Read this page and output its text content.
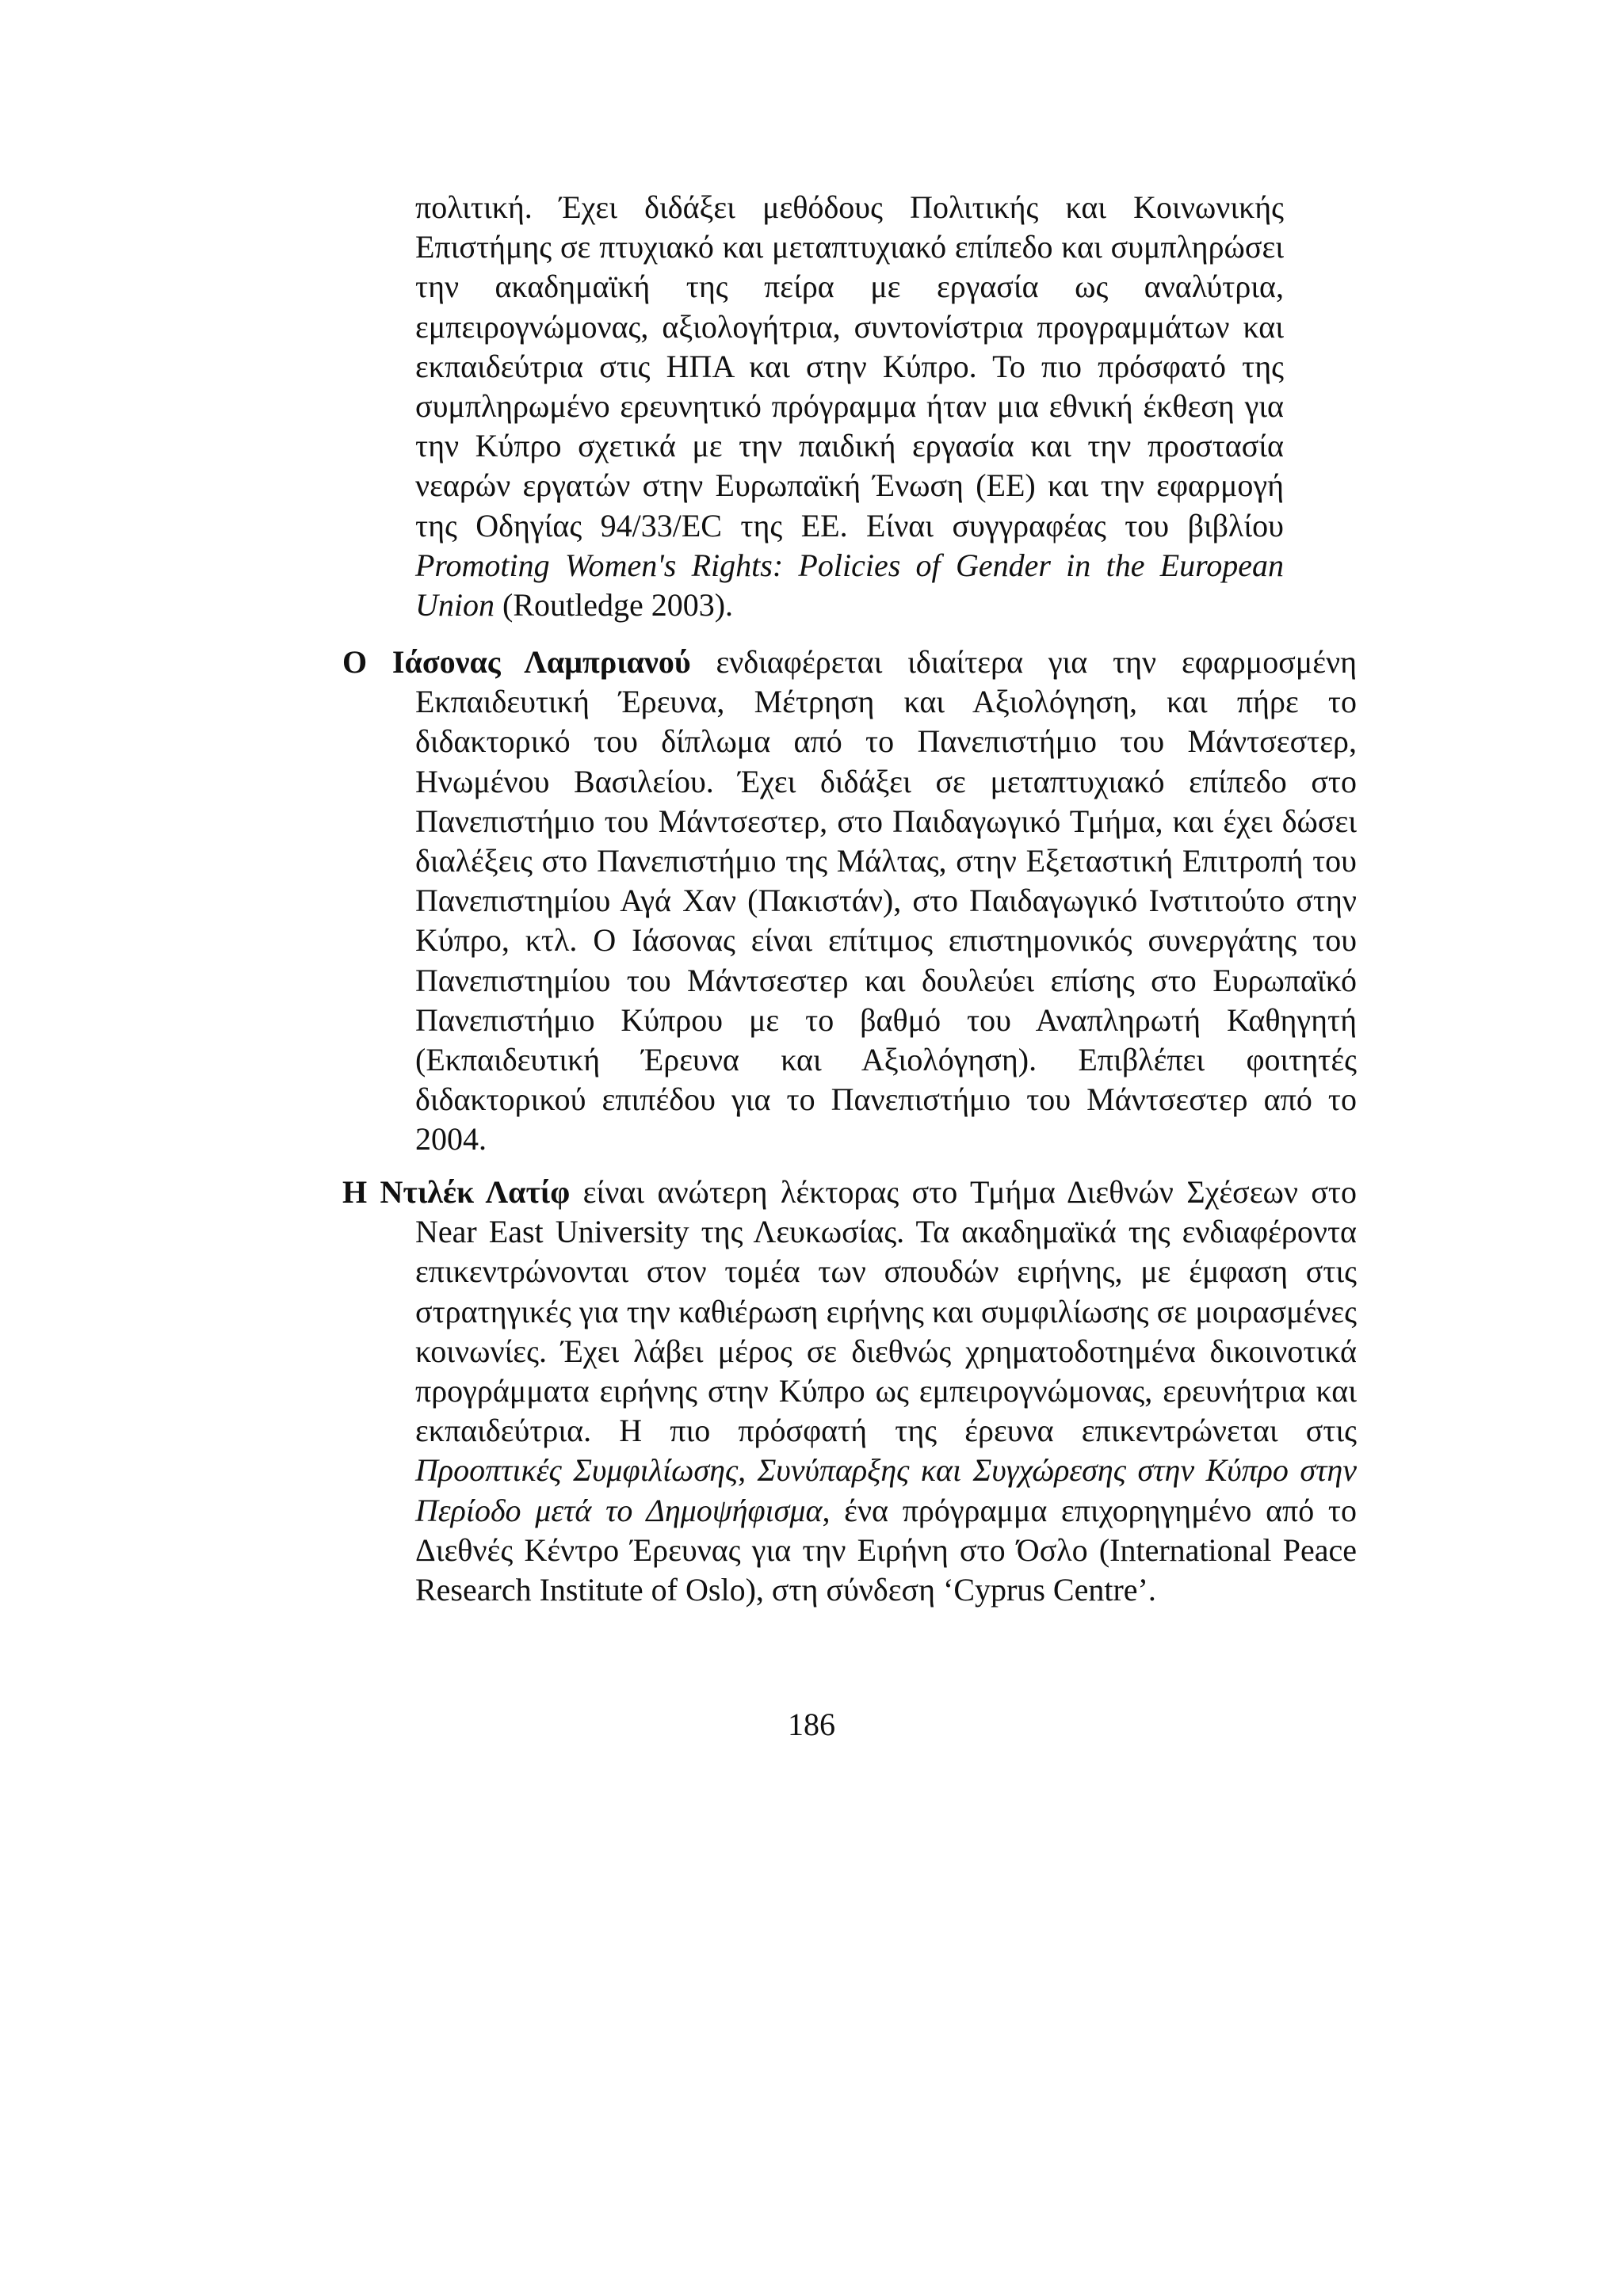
πολιτική. Έχει διδάξει μεθόδους Πολιτικής και Κοινωνικής Επιστήμης σε πτυχιακό και μεταπτυχιακό επίπεδο και συμπληρώσει την ακαδημαϊκή της πείρα με εργασία ως αναλύτρια, εμπειρογνώμονας, αξιολογήτρια, συντονίστρια προγραμμάτων και εκπαιδεύτρια στις ΗΠΑ και στην Κύπρο. Το πιο πρόσφατό της συμπληρωμένο ερευνητικό πρόγραμμα ήταν μια εθνική έκθεση για την Κύπρο σχετικά με την παιδική εργασία και την προστασία νεαρών εργατών στην Ευρωπαϊκή Ένωση (ΕΕ) και την εφαρμογή της Οδηγίας 94/33/EC της ΕΕ. Είναι συγγραφέας του βιβλίου Promoting Women's Rights: Policies of Gender in the European Union (Routledge 2003).
Ο Ιάσονας Λαμπριανού ενδιαφέρεται ιδιαίτερα για την εφαρμοσμένη Εκπαιδευτική Έρευνα, Μέτρηση και Αξιολόγηση, και πήρε το διδακτορικό του δίπλωμα από το Πανεπιστήμιο του Μάντσεστερ, Ηνωμένου Βασιλείου. Έχει διδάξει σε μεταπτυχιακό επίπεδο στο Πανεπιστήμιο του Μάντσεστερ, στο Παιδαγωγικό Τμήμα, και έχει δώσει διαλέξεις στο Πανεπιστήμιο της Μάλτας, στην Εξεταστική Επιτροπή του Πανεπιστημίου Αγά Χαν (Πακιστάν), στο Παιδαγωγικό Ινστιτούτο στην Κύπρο, κτλ. Ο Ιάσονας είναι επίτιμος επιστημονικός συνεργάτης του Πανεπιστημίου του Μάντσεστερ και δουλεύει επίσης στο Ευρωπαϊκό Πανεπιστήμιο Κύπρου με το βαθμό του Αναπληρωτή Καθηγητή (Εκπαιδευτική Έρευνα και Αξιολόγηση). Επιβλέπει φοιτητές διδακτορικού επιπέδου για το Πανεπιστήμιο του Μάντσεστερ από το 2004.
Η Ντιλέκ Λατίφ είναι ανώτερη λέκτορας στο Τμήμα Διεθνών Σχέσεων στο Near East University της Λευκωσίας. Τα ακαδημαϊκά της ενδιαφέροντα επικεντρώνονται στον τομέα των σπουδών ειρήνης, με έμφαση στις στρατηγικές για την καθιέρωση ειρήνης και συμφιλίωσης σε μοιρασμένες κοινωνίες. Έχει λάβει μέρος σε διεθνώς χρηματοδοτημένα δικοινοτικά προγράμματα ειρήνης στην Κύπρο ως εμπειρογνώμονας, ερευνήτρια και εκπαιδεύτρια. Η πιο πρόσφατή της έρευνα επικεντρώνεται στις Προοπτικές Συμφιλίωσης, Συνύπαρξης και Συγχώρεσης στην Κύπρο στην Περίοδο μετά το Δημοψήφισμα, ένα πρόγραμμα επιχορηγημένο από το Διεθνές Κέντρο Έρευνας για την Ειρήνη στο Όσλο (International Peace Research Institute of Oslo), στη σύνδεση ‘Cyprus Centre’.
186
